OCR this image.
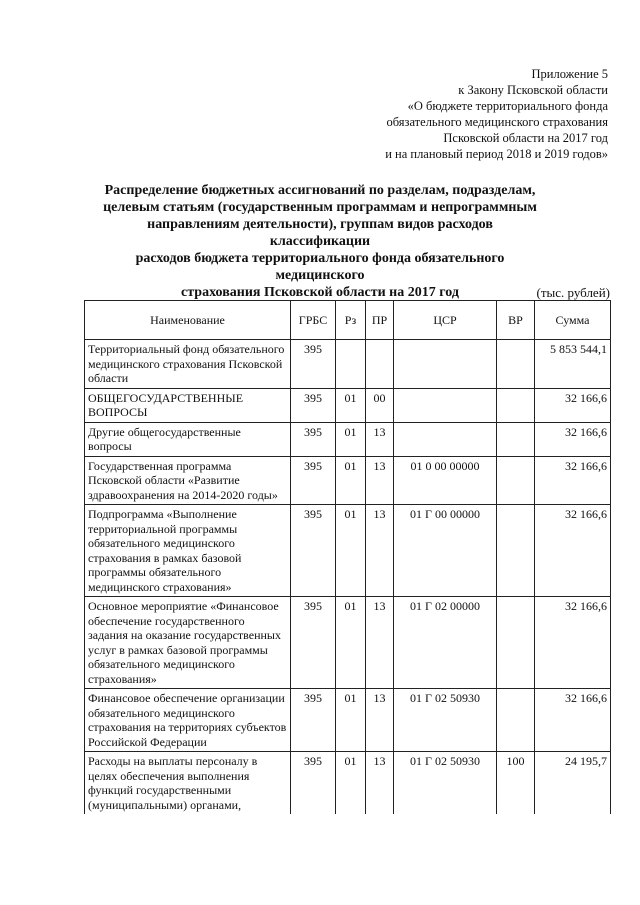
Приложение 5
к Закону Псковской области
«О бюджете территориального фонда
обязательного медицинского страхования
Псковской области на 2017 год
и на плановый период 2018 и 2019 годов»
Распределение бюджетных ассигнований по разделам, подразделам,
целевым статьям (государственным программам и непрограммным
направлениям деятельности), группам видов расходов классификации
расходов бюджета территориального фонда обязательного медицинского
страхования Псковской области на 2017 год	(тыс. рублей)
Наименование	ГРБС	Рз	ПР	ЦСР	ВР	Сумма
Территориальный фонд обязательного медицинского страхования Псковской области	395					5 853 544,1
ОБЩЕГОСУДАРСТВЕННЫЕ ВОПРОСЫ	395	01	00			32 166,6
Другие общегосударственные вопросы	395	01	13			32 166,6
Государственная программа Псковской области «Развитие здравоохранения на 2014-2020 годы»	395	01	13	01 0 00 00000		32 166,6
Подпрограмма «Выполнение территориальной программы обязательного медицинского страхования в рамках базовой программы обязательного медицинского страхования»	395	01	13	01 Г 00 00000		32 166,6
Основное мероприятие «Финансовое обеспечение государственного задания на оказание государственных услуг в рамках базовой программы обязательного медицинского страхования»	395	01	13	01 Г 02 00000		32 166,6
Финансовое обеспечение организации обязательного медицинского страхования на территориях субъектов Российской Федерации	395	01	13	01 Г 02 50930		32 166,6
Расходы на выплаты персоналу в целях обеспечения выполнения функций государственными (муниципальными) органами,	395	01	13	01 Г 02 50930	100	24 195,7
